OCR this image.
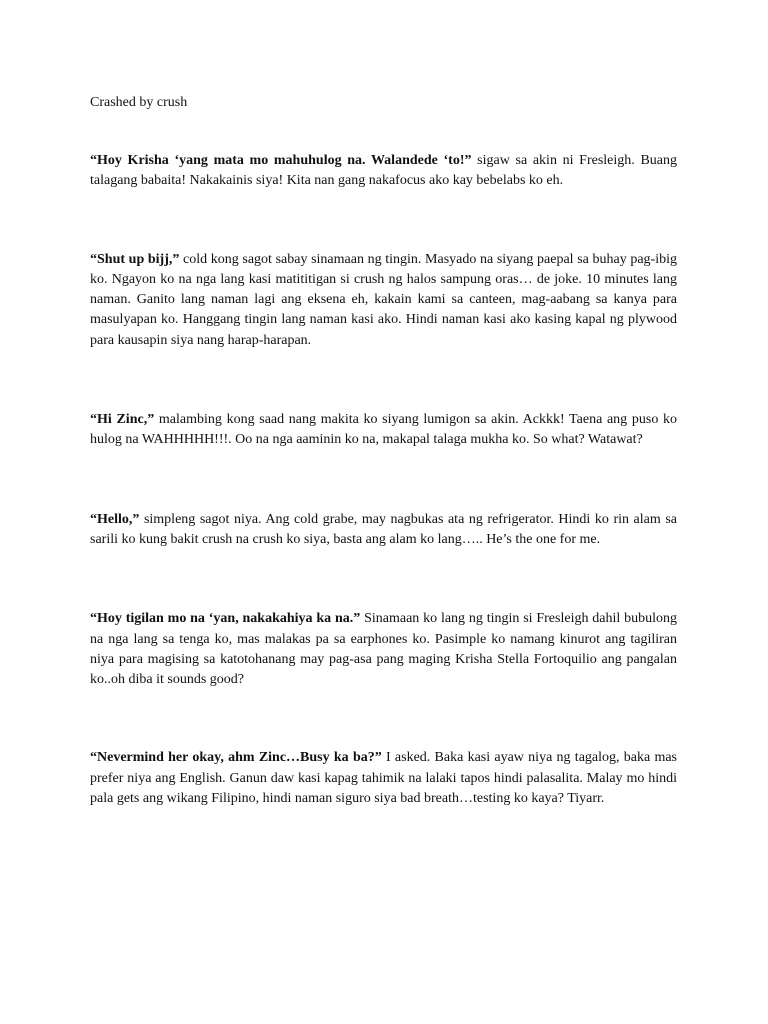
Crashed by crush

“Hoy Krisha ‘yang mata mo mahuhulog na. Walandede ‘to!” sigaw sa akin ni Fresleigh. Buang talagang babaita! Nakakainis siya! Kita nan gang nakafocus ako kay bebelabs ko eh.

“Shut up bijj,” cold kong sagot sabay sinamaan ng tingin. Masyado na siyang paepal sa buhay pag-ibig ko. Ngayon ko na nga lang kasi matititigan si crush ng halos sampung oras… de joke. 10 minutes lang naman. Ganito lang naman lagi ang eksena eh, kakain kami sa canteen, mag-aabang sa kanya para masulyapan ko. Hanggang tingin lang naman kasi ako. Hindi naman kasi ako kasing kapal ng plywood para kausapin siya nang harap-harapan.

“Hi Zinc,” malambing kong saad nang makita ko siyang lumigon sa akin. Ackkk! Taena ang puso ko hulog na WAHHHHH!!!. Oo na nga aaminin ko na, makapal talaga mukha ko. So what? Watawat?

“Hello,” simpleng sagot niya. Ang cold grabe, may nagbukas ata ng refrigerator. Hindi ko rin alam sa sarili ko kung bakit crush na crush ko siya, basta ang alam ko lang….. He’s the one for me.

“Hoy tigilan mo na ‘yan, nakakahiya ka na.” Sinamaan ko lang ng tingin si Fresleigh dahil bubulong na nga lang sa tenga ko, mas malakas pa sa earphones ko. Pasimple ko namang kinurot ang tagiliran niya para magising sa katotohanang may pag-asa pang maging Krisha Stella Fortoquilio ang pangalan ko..oh diba it sounds good?

“Nevermind her okay, ahm Zinc…Busy ka ba?” I asked. Baka kasi ayaw niya ng tagalog, baka mas prefer niya ang English. Ganun daw kasi kapag tahimik na lalaki tapos hindi palasalita. Malay mo hindi pala gets ang wikang Filipino, hindi naman siguro siya bad breath…testing ko kaya? Tiyarr.
